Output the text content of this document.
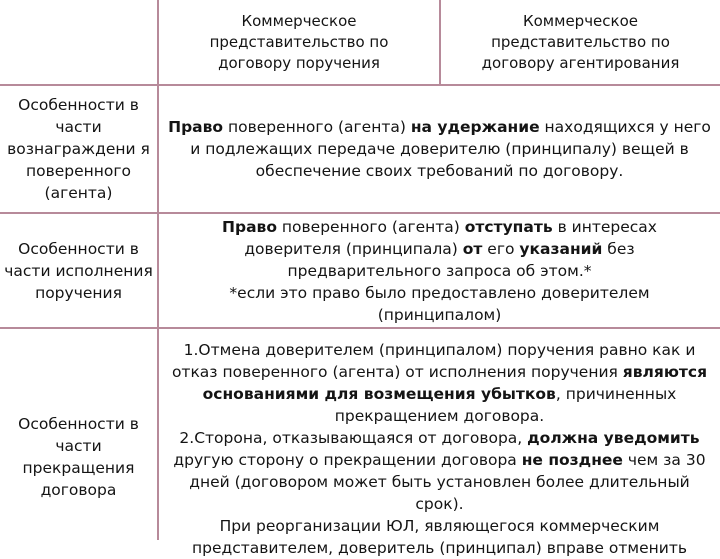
Коммерческое представительство по договору поручения
Коммерческое представительство по договору агентирования
Особенности в части вознаграждени я поверенного (агента)

Право поверенного (агента) на удержание находящихся у него и подлежащих передаче доверителю (принципалу) вещей в обеспечение своих требований по договору.

Особенности в части исполнения поручения

Право поверенного (агента) отступать в интересах доверителя (принципала) от его указаний без предварительного запроса об этом.*

*если это право было предоставлено доверителем (принципалом)

Особенности в части прекращения договора

1.Отмена доверителем (принципалом) поручения равно как и отказ поверенного (агента) от исполнения поручения являются основаниями для возмещения убытков, причиненных прекращением договора.

2.Сторона, отказывающаяся от договора, должна уведомить другую сторону о прекращении договора не позднее чем за 30 дней (договором может быть установлен более длительный срок).

При реорганизации ЮЛ, являющегося коммерческим представителем, доверитель (принципал) вправе отменить
